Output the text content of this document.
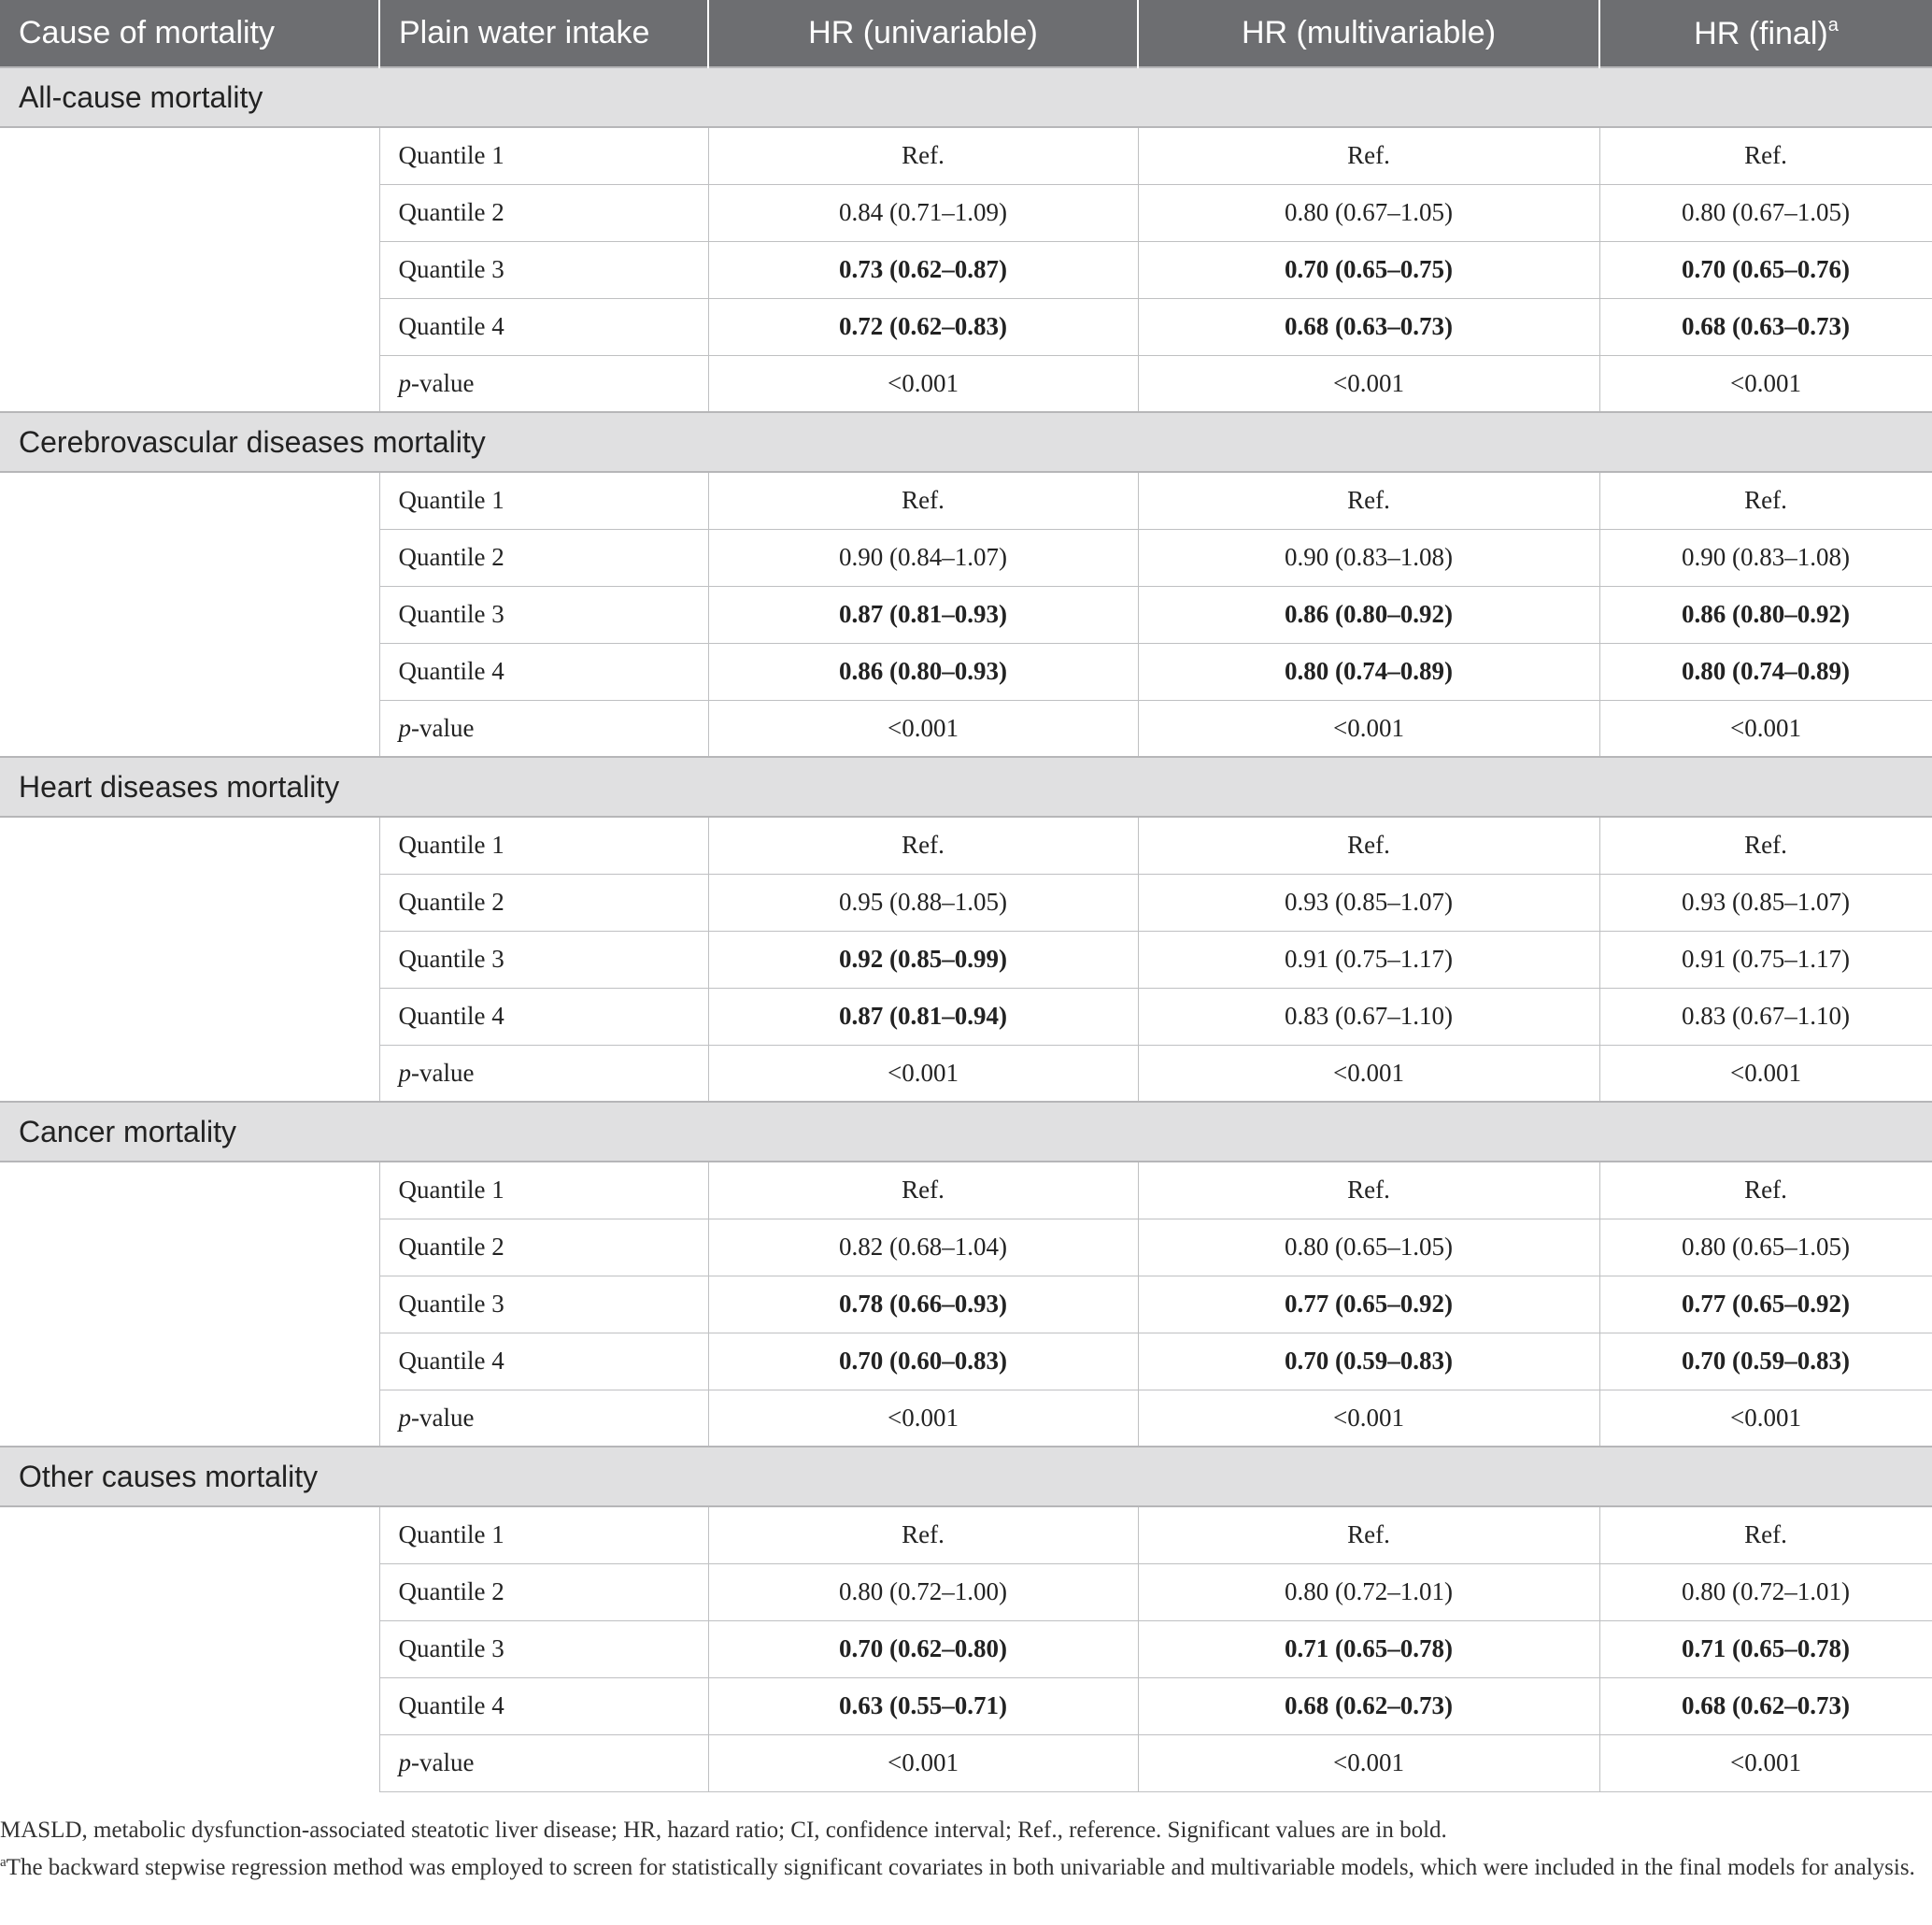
Cause of mortality	Plain water intake	HR (univariable)	HR (multivariable)	HR (final)$^a$
All-cause mortality				
	Quantile 1	Ref.	Ref.	Ref.
	Quantile 2	0.84 (0.71–1.09)	0.80 (0.67–1.05)	0.80 (0.67–1.05)
	Quantile 3	0.73 (0.62–0.87)	0.70 (0.65–0.75)	0.70 (0.65–0.76)
	Quantile 4	0.72 (0.62–0.83)	0.68 (0.63–0.73)	0.68 (0.63–0.73)
	p-value	<0.001	<0.001	<0.001
Cerebrovascular diseases mortality				
	Quantile 1	Ref.	Ref.	Ref.
	Quantile 2	0.90 (0.84–1.07)	0.90 (0.83–1.08)	0.90 (0.83–1.08)
	Quantile 3	0.87 (0.81–0.93)	0.86 (0.80–0.92)	0.86 (0.80–0.92)
	Quantile 4	0.86 (0.80–0.93)	0.80 (0.74–0.89)	0.80 (0.74–0.89)
	p-value	<0.001	<0.001	<0.001
Heart diseases mortality				
	Quantile 1	Ref.	Ref.	Ref.
	Quantile 2	0.95 (0.88–1.05)	0.93 (0.85–1.07)	0.93 (0.85–1.07)
	Quantile 3	0.92 (0.85–0.99)	0.91 (0.75–1.17)	0.91 (0.75–1.17)
	Quantile 4	0.87 (0.81–0.94)	0.83 (0.67–1.10)	0.83 (0.67–1.10)
	p-value	<0.001	<0.001	<0.001
Cancer mortality				
	Quantile 1	Ref.	Ref.	Ref.
	Quantile 2	0.82 (0.68–1.04)	0.80 (0.65–1.05)	0.80 (0.65–1.05)
	Quantile 3	0.78 (0.66–0.93)	0.77 (0.65–0.92)	0.77 (0.65–0.92)
	Quantile 4	0.70 (0.60–0.83)	0.70 (0.59–0.83)	0.70 (0.59–0.83)
	p-value	<0.001	<0.001	<0.001
Other causes mortality				
	Quantile 1	Ref.	Ref.	Ref.
	Quantile 2	0.80 (0.72–1.00)	0.80 (0.72–1.01)	0.80 (0.72–1.01)
	Quantile 3	0.70 (0.62–0.80)	0.71 (0.65–0.78)	0.71 (0.65–0.78)
	Quantile 4	0.63 (0.55–0.71)	0.68 (0.62–0.73)	0.68 (0.62–0.73)
	p-value	<0.001	<0.001	<0.001

MASLD, metabolic dysfunction-associated steatotic liver disease; HR, hazard ratio; CI, confidence interval; Ref., reference. Significant values are in bold.

$^a$The backward stepwise regression method was employed to screen for statistically significant covariates in both univariable and multivariable models, which were included in the final models for analysis.
